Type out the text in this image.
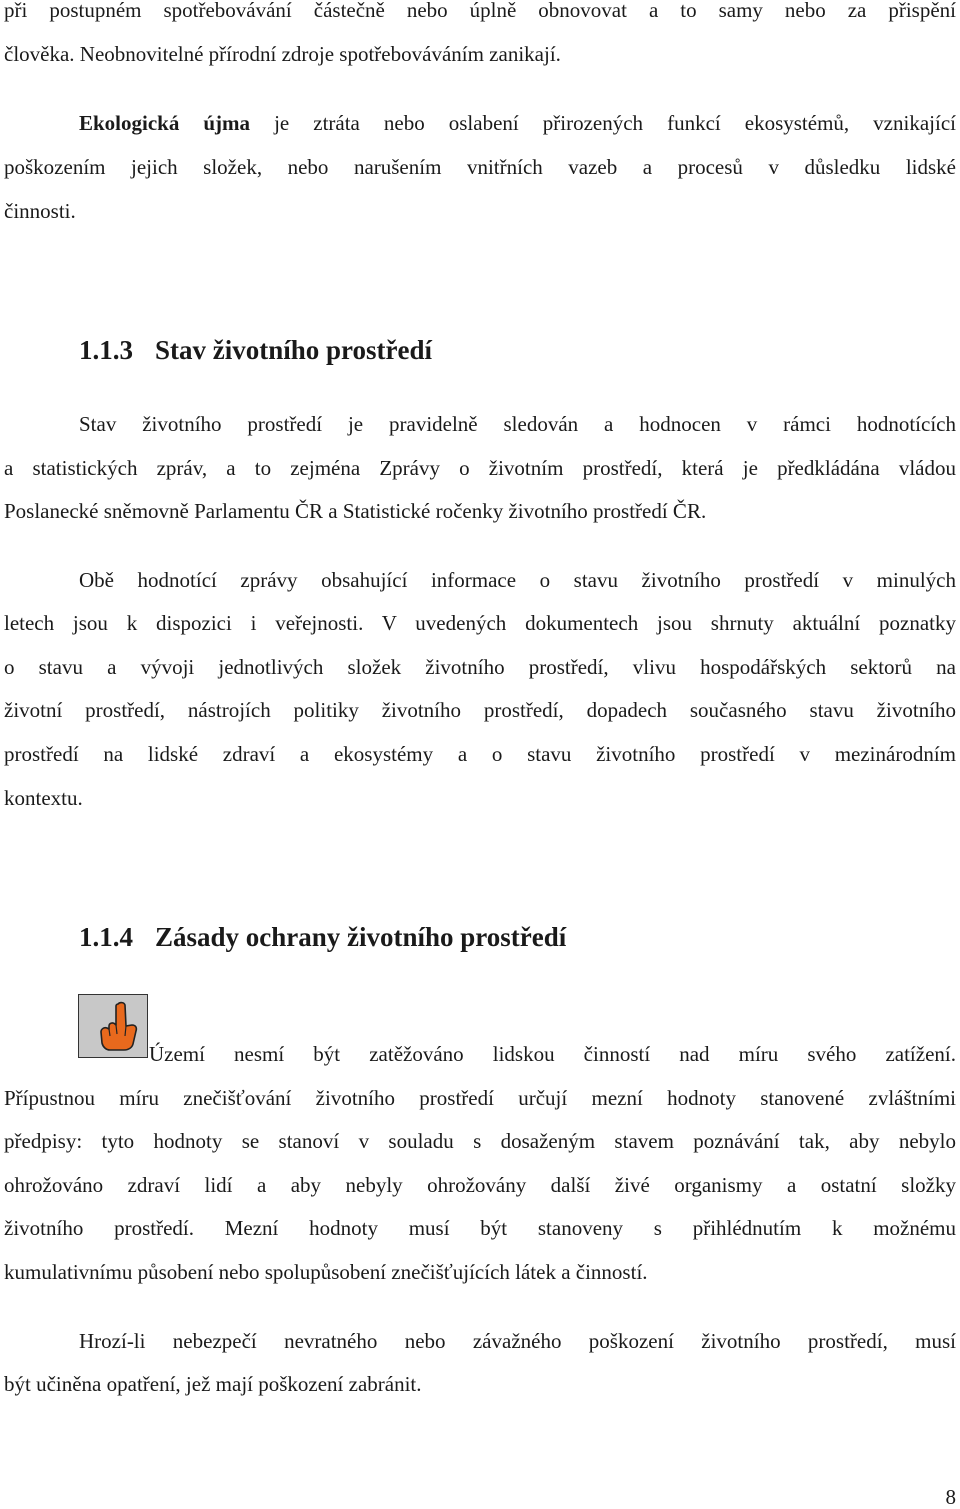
při postupném spotřebovávání částečně nebo úplně obnovovat a to samy nebo za přispění
člověka. Neobnovitelné přírodní zdroje spotřebováváním zanikají.
Ekologická újma je ztráta nebo oslabení přirozených funkcí ekosystémů, vznikající
poškozením jejich složek, nebo narušením vnitřních vazeb a procesů v důsledku lidské
činnosti.
1.1.3 Stav životního prostředí
Stav životního prostředí je pravidelně sledován a hodnocen v rámci hodnotících
a statistických zpráv, a to zejména Zprávy o životním prostředí, která je předkládána vládou
Poslanecké sněmovně Parlamentu ČR a Statistické ročenky životního prostředí ČR.
Obě hodnotící zprávy obsahující informace o stavu životního prostředí v minulých
letech jsou k dispozici i veřejnosti. V uvedených dokumentech jsou shrnuty aktuální poznatky
o stavu a vývoji jednotlivých složek životního prostředí, vlivu hospodářských sektorů na
životní prostředí, nástrojích politiky životního prostředí, dopadech současného stavu životního
prostředí na lidské zdraví a ekosystémy a o stavu životního prostředí v mezinárodním
kontextu.
1.1.4 Zásady ochrany životního prostředí
Území nesmí být zatěžováno lidskou činností nad míru svého zatížení.
Přípustnou míru znečišťování životního prostředí určují mezní hodnoty stanovené zvláštními
předpisy: tyto hodnoty se stanoví v souladu s dosaženým stavem poznávání tak, aby nebylo
ohrožováno zdraví lidí a aby nebyly ohrožovány další živé organismy a ostatní složky
životního prostředí. Mezní hodnoty musí být stanoveny s přihlédnutím k možnému
kumulativnímu působení nebo spolupůsobení znečišťujících látek a činností.
Hrozí-li nebezpečí nevratného nebo závažného poškození životního prostředí, musí
být učiněna opatření, jež mají poškození zabránit.
8
